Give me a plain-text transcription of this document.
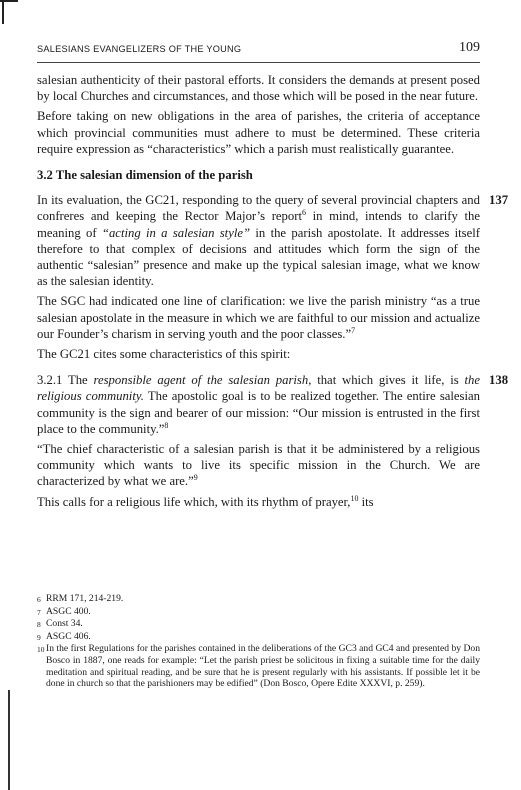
SALESIANS EVANGELIZERS OF THE YOUNG	109

salesian authenticity of their pastoral efforts. It considers the demands at present posed by local Churches and circumstances, and those which will be posed in the near future.

Before taking on new obligations in the area of parishes, the criteria of acceptance which provincial communities must adhere to must be determined. These criteria require expression as “characteristics” which a parish must realistically guarantee.

3.2 The salesian dimension of the parish

137
In its evaluation, the GC21, responding to the query of several provincial chapters and confreres and keeping the Rector Major’s report$^6$ in mind, intends to clarify the meaning of “acting in a salesian style” in the parish apostolate. It addresses itself therefore to that complex of decisions and attitudes which form the sign of the authentic “salesian” presence and make up the typical salesian image, what we know as the salesian identity.

The SGC had indicated one line of clarification: we live the parish ministry “as a true salesian apostolate in the measure in which we are faithful to our mission and actualize our Founder’s charism in serving youth and the poor classes.”$^7$

The GC21 cites some characteristics of this spirit:

138
3.2.1 The responsible agent of the salesian parish, that which gives it life, is the religious community. The apostolic goal is to be realized together. The entire salesian community is the sign and bearer of our mission: “Our mission is entrusted in the first place to the community.”$^8$

“The chief characteristic of a salesian parish is that it be administered by a religious community which wants to live its specific mission in the Church. We are characterized by what we are.”$^9$

This calls for a religious life which, with its rhythm of prayer,$^{10}$ its

6 RRM 171, 214-219.
7 ASGC 400.
8 Const 34.
9 ASGC 406.
10 In the first Regulations for the parishes contained in the deliberations of the GC3 and GC4 and presented by Don Bosco in 1887, one reads for example: “Let the parish priest be solicitous in fixing a suitable time for the daily meditation and spiritual reading, and be sure that he is present regularly with his assistants. If possible let it be done in church so that the parishioners may be edified” (Don Bosco, Opere Edite XXXVI, p. 259).
